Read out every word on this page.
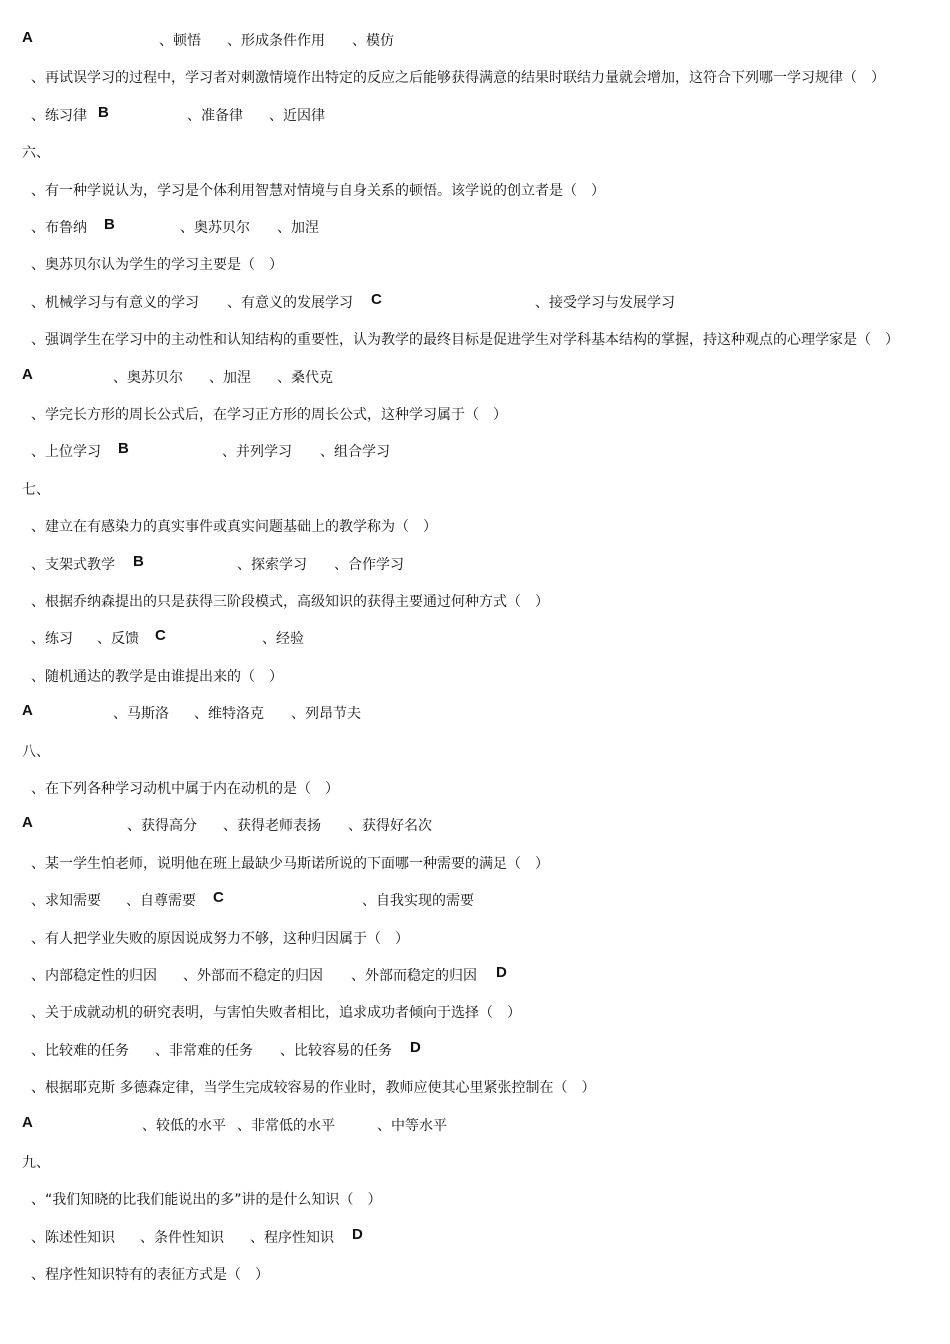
A	、顿悟 、形成条件作用 、模仿
、再试误学习的过程中，学习者对刺激情境作出特定的反应之后能够获得满意的结果时联结力量就会增加，这符合下列哪一学习规律（　）
、练习律 B	、准备律 、近因律
六、
、有一种学说认为，学习是个体利用智慧对情境与自身关系的顿悟。该学说的创立者是（　）
、布鲁纳 B	、奥苏贝尔 、加涅
、奥苏贝尔认为学生的学习主要是（　）
、机械学习与有意义的学习 、有意义的发展学习 C	、接受学习与发展学习
、强调学生在学习中的主动性和认知结构的重要性，认为教学的最终目标是促进学生对学科基本结构的掌握，持这种观点的心理学家是（　）
A	、奥苏贝尔 、加涅 、桑代克
、学完长方形的周长公式后，在学习正方形的周长公式，这种学习属于（　）
、上位学习 B	、并列学习 、组合学习
七、
、建立在有感染力的真实事件或真实问题基础上的教学称为（　）
、支架式教学 B	、探索学习 、合作学习
、根据乔纳森提出的只是获得三阶段模式，高级知识的获得主要通过何种方式（　）
、练习 、反馈 C	、经验
、随机通达的教学是由谁提出来的（　）
A	、马斯洛 、维特洛克 、列昂节夫
八、
、在下列各种学习动机中属于内在动机的是（　）
A	、获得高分 、获得老师表扬 、获得好名次
、某一学生怕老师，说明他在班上最缺少马斯诺所说的下面哪一种需要的满足（　）
、求知需要 、自尊需要 C	、自我实现的需要
、有人把学业失败的原因说成努力不够，这种归因属于（　）
、内部稳定性的归因 、外部而不稳定的归因 、外部而稳定的归因 D
、关于成就动机的研究表明，与害怕失败者相比，追求成功者倾向于选择（　）
、比较难的任务 、非常难的任务 、比较容易的任务 D
、根据耶克斯 多德森定律，当学生完成较容易的作业时，教师应使其心里紧张控制在（　）
A	、较低的水平 、非常低的水平	、中等水平
九、
、“我们知晓的比我们能说出的多”讲的是什么知识（　）
、陈述性知识 、条件性知识 、程序性知识 D
、程序性知识特有的表征方式是（　）
